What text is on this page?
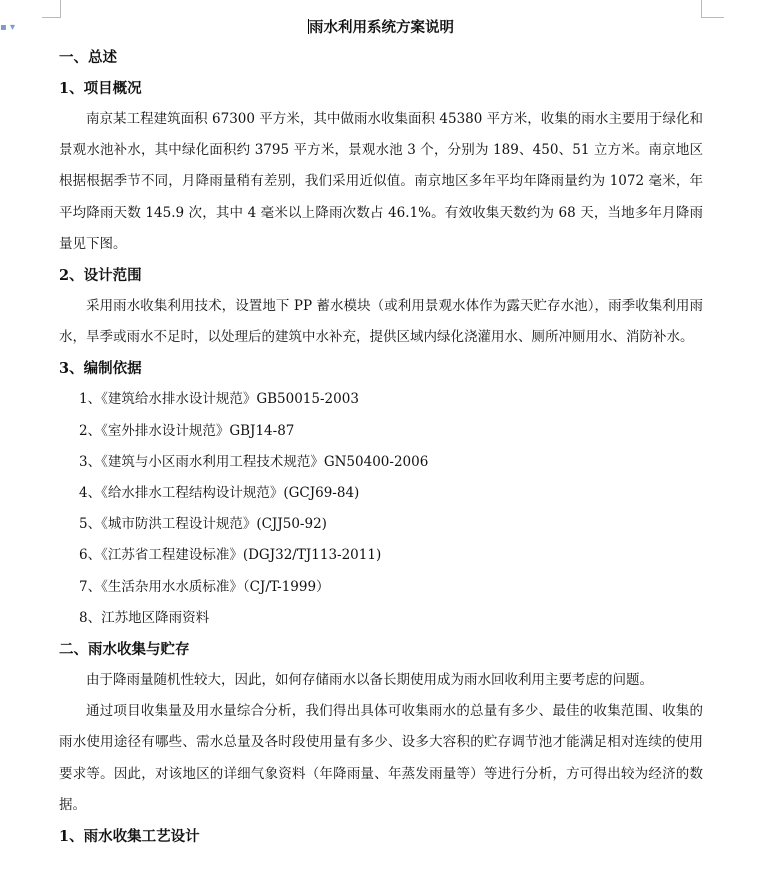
▪ ▾	雨水利用系统方案说明

一、总述

1、项目概况

南京某工程建筑面积 67300 平方米，其中做雨水收集面积 45380 平方米，收集的雨水主要用于绿化和景观水池补水，其中绿化面积约 3795 平方米，景观水池 3 个，分别为 189、450、51 立方米。南京地区根据根据季节不同，月降雨量稍有差别，我们采用近似值。南京地区多年平均年降雨量约为 1072 毫米，年平均降雨天数 145.9 次，其中 4 毫米以上降雨次数占 46.1%。有效收集天数约为 68 天，当地多年月降雨量见下图。

2、设计范围

采用雨水收集利用技术，设置地下 PP 蓄水模块（或利用景观水体作为露天贮存水池），雨季收集利用雨水，旱季或雨水不足时，以处理后的建筑中水补充，提供区域内绿化浇灌用水、厕所冲厕用水、消防补水。

3、编制依据

1、《建筑给水排水设计规范》GB50015-2003

2、《室外排水设计规范》GBJ14-87

3、《建筑与小区雨水利用工程技术规范》GN50400-2006

4、《给水排水工程结构设计规范》(GCJ69-84)

5、《城市防洪工程设计规范》(CJJ50-92)

6、《江苏省工程建设标准》(DGJ32/TJ113-2011)

7、《生活杂用水水质标准》（CJ/T-1999）

8、江苏地区降雨资料

二、雨水收集与贮存

由于降雨量随机性较大，因此，如何存储雨水以备长期使用成为雨水回收利用主要考虑的问题。

通过项目收集量及用水量综合分析，我们得出具体可收集雨水的总量有多少、最佳的收集范围、收集的雨水使用途径有哪些、需水总量及各时段使用量有多少、设多大容积的贮存调节池才能满足相对连续的使用要求等。因此，对该地区的详细气象资料（年降雨量、年蒸发雨量等）等进行分析，方可得出较为经济的数据。

1、雨水收集工艺设计
